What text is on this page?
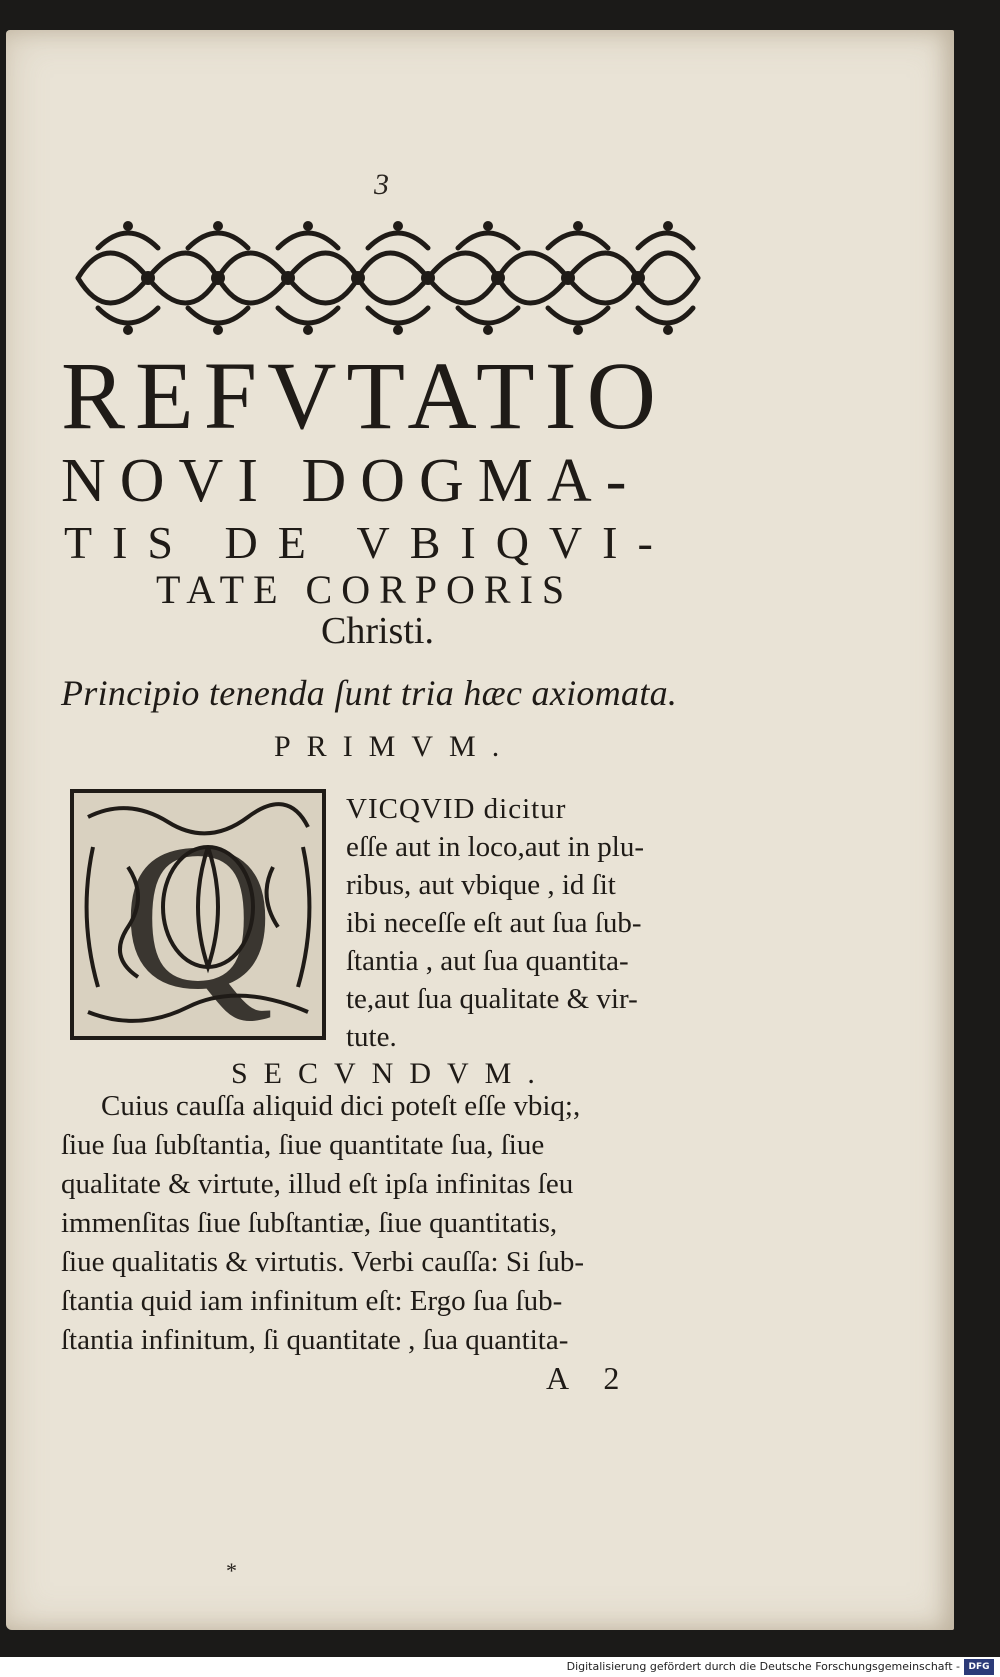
3
REFVTATIO
NOVI DOGMA-
TIS DE VBIQVI-
TATE CORPORIS
Christi.
Principio tenenda ſunt tria hæc axiomata.
PRIMVM.
Q VICQVID dicitur
eſſe aut in loco,aut in plu-
ribus, aut vbique , id ſit
ibi neceſſe eſt aut ſua ſub-
ſtantia , aut ſua quantita-
te,aut ſua qualitate & vir-
tute.
SECVNDVM.
Cuius cauſſa aliquid dici poteſt eſſe vbiq;,
ſiue ſua ſubſtantia, ſiue quantitate ſua, ſiue
qualitate & virtute, illud eſt ipſa infinitas ſeu
immenſitas ſiue ſubſtantiæ, ſiue quantitatis,
ſiue qualitatis & virtutis. Verbi cauſſa: Si ſub-
ſtantia quid iam infinitum eſt: Ergo ſua ſub-
ſtantia infinitum, ſi quantitate , ſua quantita-
A 2
*
Digitalisierung gefördert durch die Deutsche Forschungsgemeinschaft - DFG
